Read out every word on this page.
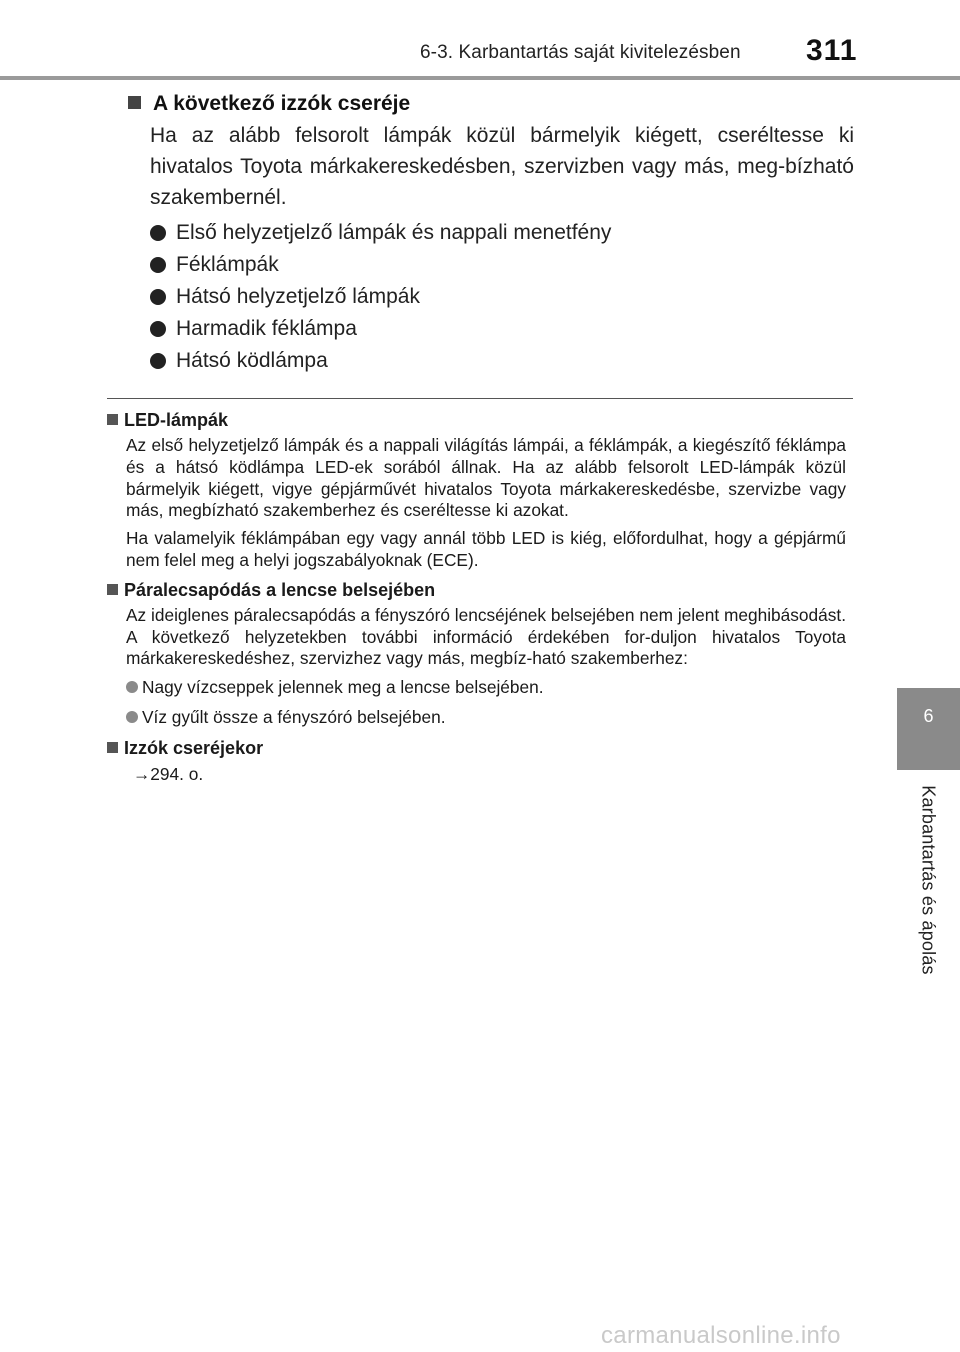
6-3. Karbantartás saját kivitelezésben 311
6
Karbantartás és ápolás
A következő izzók cseréje
Ha az alább felsorolt lámpák közül bármelyik kiégett, cseréltesse ki hivatalos Toyota márkakereskedésben, szervizben vagy más, meg-bízható szakembernél.
Első helyzetjelző lámpák és nappali menetfény
Féklámpák
Hátsó helyzetjelző lámpák
Harmadik féklámpa
Hátsó ködlámpa
LED-lámpák

Az első helyzetjelző lámpák és a nappali világítás lámpái, a féklámpák, a kiegészítő féklámpa és a hátsó ködlámpa LED-ek sorából állnak. Ha az alább felsorolt LED-lámpák közül bármelyik kiégett, vigye gépjárművét hivatalos Toyota márkakereskedésbe, szervizbe vagy más, megbízható szakemberhez és cseréltesse ki azokat.

Ha valamelyik féklámpában egy vagy annál több LED is kiég, előfordulhat, hogy a gépjármű nem felel meg a helyi jogszabályoknak (ECE).

Páralecsapódás a lencse belsejében

Az ideiglenes páralecsapódás a fényszóró lencséjének belsejében nem jelent meghibásodást. A következő helyzetekben további információ érdekében for-duljon hivatalos Toyota márkakereskedéshez, szervizhez vagy más, megbíz-ható szakemberhez:

Nagy vízcseppek jelennek meg a lencse belsejében.
Víz gyűlt össze a fényszóró belsejében.
Izzók cseréjekor
→294. o.
carmanualsonline.info
